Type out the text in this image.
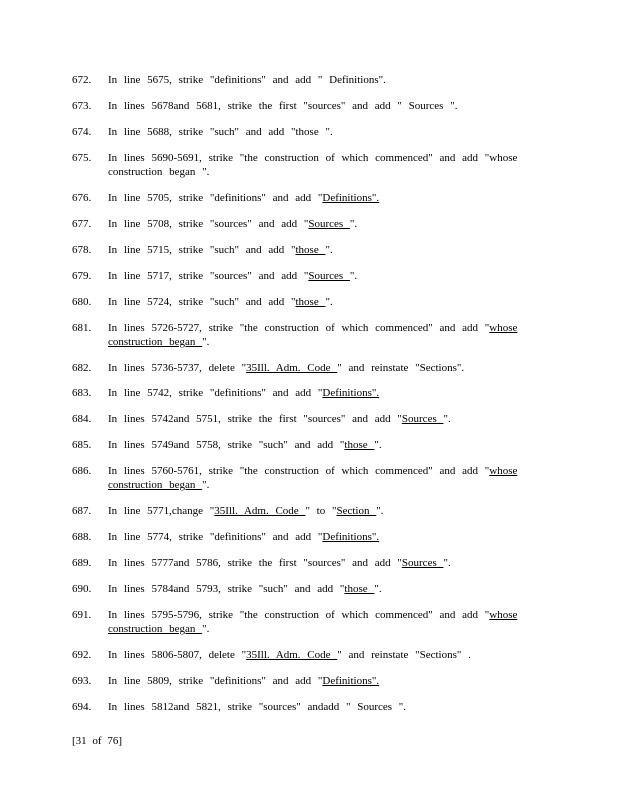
672.	In line 5675, strike "definitions" and add " Definitions".
673.	In lines 5678and 5681, strike the first "sources" and add " Sources ".
674.	In line 5688, strike "such" and add "those ".
675.	In lines 5690-5691, strike "the construction of which commenced" and add "whose
construction began ".
676.	In line 5705, strike "definitions" and add "Definitions".
677.	In line 5708, strike "sources" and add "Sources ".
678.	In line 5715, strike "such" and add "those ".
679.	In line 5717, strike "sources" and add "Sources ".
680.	In line 5724, strike "such" and add "those ".
681.	In lines 5726-5727, strike "the construction of which commenced" and add "whose
construction began ".
682.	In lines 5736-5737, delete "35Ill. Adm. Code " and reinstate "Sections".
683.	In line 5742, strike "definitions" and add "Definitions".
684.	In lines 5742and 5751, strike the first "sources" and add "Sources ".
685.	In lines 5749and 5758, strike "such" and add "those ".
686.	In lines 5760-5761, strike "the construction of which commenced" and add "whose
construction began ".
687.	In line 5771,change "35Ill. Adm. Code " to "Section ".
688.	In line 5774, strike "definitions" and add "Definitions".
689.	In lines 5777and 5786, strike the first "sources" and add "Sources ".
690.	In lines 5784and 5793, strike "such" and add "those ".
691.	In lines 5795-5796, strike "the construction of which commenced" and add "whose
construction began ".
692.	In lines 5806-5807, delete "35Ill. Adm. Code " and reinstate "Sections" .
693.	In line 5809, strike "definitions" and add "Definitions".
694.	In lines 5812and 5821, strike "sources" andadd " Sources ".
[31 of 76]
